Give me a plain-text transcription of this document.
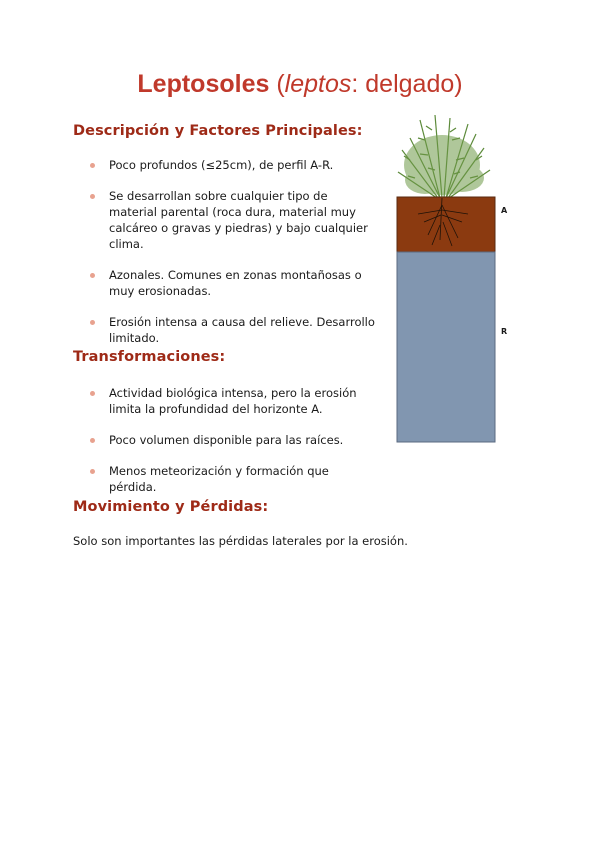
Leptosoles (leptos: delgado)
Descripción y Factores Principales:
Poco profundos (≤25cm), de perfil A-R.
Se desarrollan sobre cualquier tipo de material parental (roca dura, material muy calcáreo o gravas y piedras) y bajo cualquier clima.
Azonales. Comunes en zonas montañosas o muy erosionadas.
Erosión intensa a causa del relieve. Desarrollo limitado.
Transformaciones:
Actividad biológica intensa, pero la erosión limita la profundidad del horizonte A.
Poco volumen disponible para las raíces.
Menos meteorización y formación que pérdida.
Movimiento y Pérdidas:
Solo son importantes las pérdidas laterales por la erosión.
A
R
